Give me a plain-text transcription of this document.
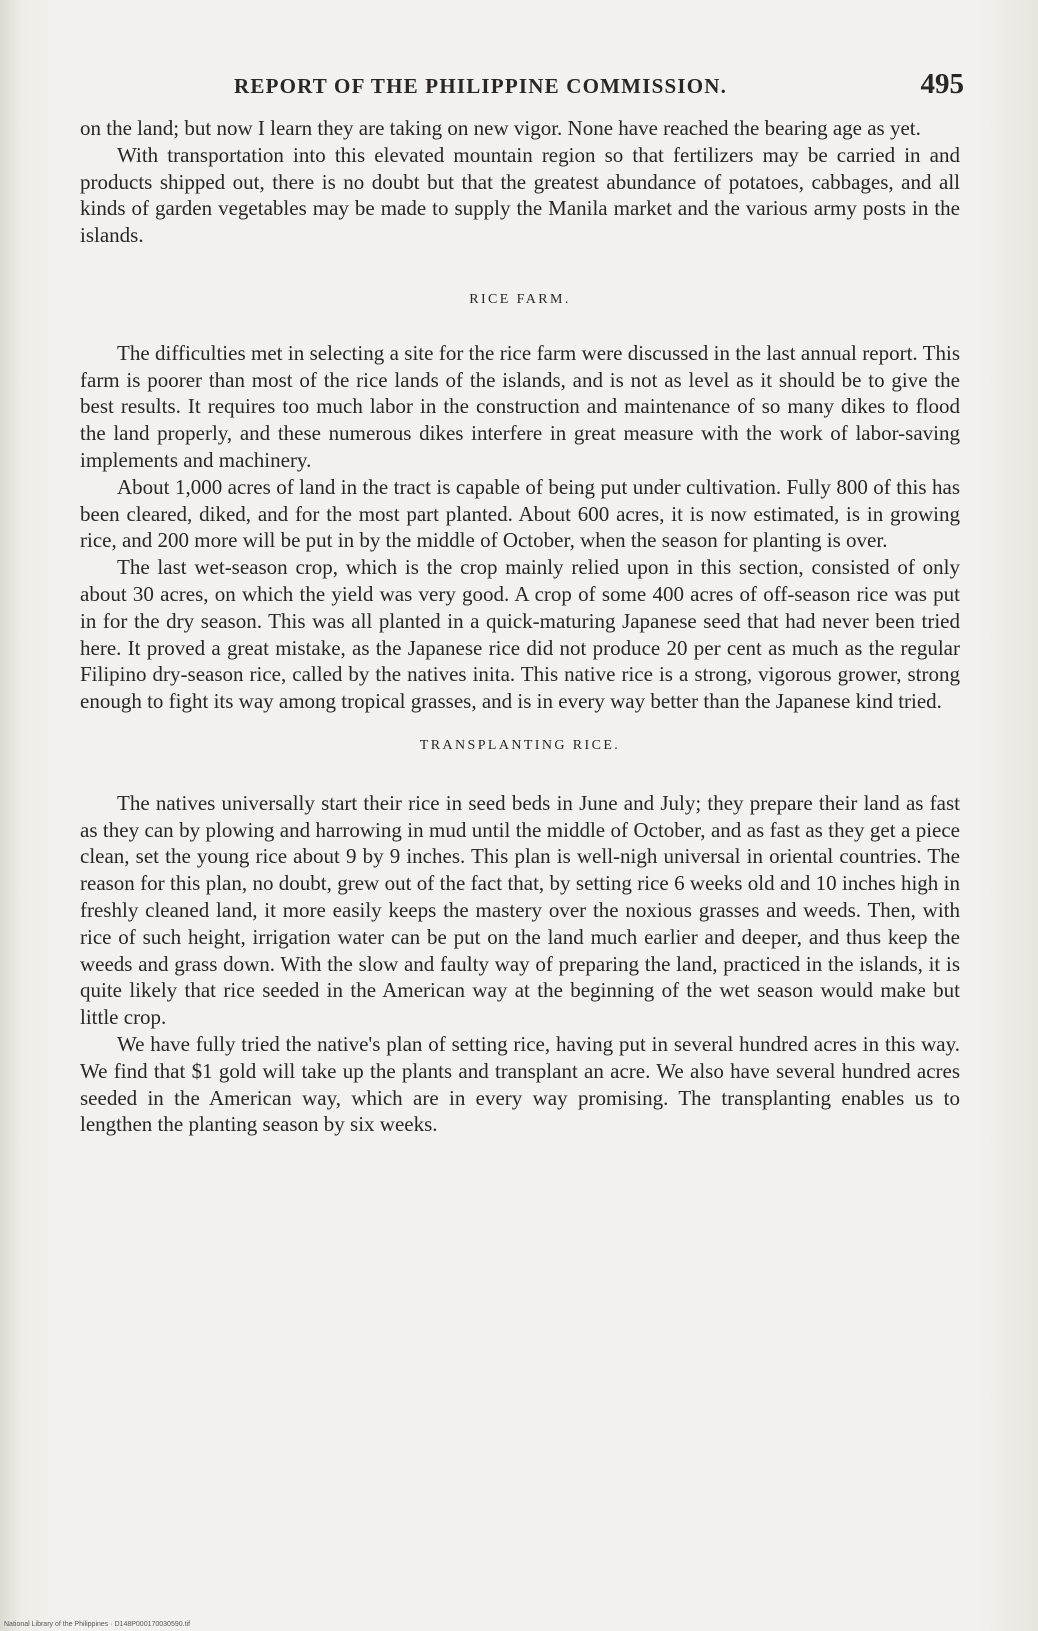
REPORT OF THE PHILIPPINE COMMISSION.	495

on the land; but now I learn they are taking on new vigor. None have reached the bearing age as yet.

With transportation into this elevated mountain region so that fertilizers may be carried in and products shipped out, there is no doubt but that the greatest abundance of potatoes, cabbages, and all kinds of garden vegetables may be made to supply the Manila market and the various army posts in the islands.

RICE FARM.

The difficulties met in selecting a site for the rice farm were discussed in the last annual report. This farm is poorer than most of the rice lands of the islands, and is not as level as it should be to give the best results. It requires too much labor in the construction and maintenance of so many dikes to flood the land properly, and these numerous dikes interfere in great measure with the work of labor-saving implements and machinery.

About 1,000 acres of land in the tract is capable of being put under cultivation. Fully 800 of this has been cleared, diked, and for the most part planted. About 600 acres, it is now estimated, is in growing rice, and 200 more will be put in by the middle of October, when the season for planting is over.

The last wet-season crop, which is the crop mainly relied upon in this section, consisted of only about 30 acres, on which the yield was very good. A crop of some 400 acres of off-season rice was put in for the dry season. This was all planted in a quick-maturing Japanese seed that had never been tried here. It proved a great mistake, as the Japanese rice did not produce 20 per cent as much as the regular Filipino dry-season rice, called by the natives inita. This native rice is a strong, vigorous grower, strong enough to fight its way among tropical grasses, and is in every way better than the Japanese kind tried.

TRANSPLANTING RICE.

The natives universally start their rice in seed beds in June and July; they prepare their land as fast as they can by plowing and harrowing in mud until the middle of October, and as fast as they get a piece clean, set the young rice about 9 by 9 inches. This plan is well-nigh universal in oriental countries. The reason for this plan, no doubt, grew out of the fact that, by setting rice 6 weeks old and 10 inches high in freshly cleaned land, it more easily keeps the mastery over the noxious grasses and weeds. Then, with rice of such height, irrigation water can be put on the land much earlier and deeper, and thus keep the weeds and grass down. With the slow and faulty way of preparing the land, practiced in the islands, it is quite likely that rice seeded in the American way at the beginning of the wet season would make but little crop.

We have fully tried the native's plan of setting rice, having put in several hundred acres in this way. We find that $1 gold will take up the plants and transplant an acre. We also have several hundred acres seeded in the American way, which are in every way promising. The transplanting enables us to lengthen the planting season by six weeks.

National Library of the Philippines · D148P000170030590.tif
